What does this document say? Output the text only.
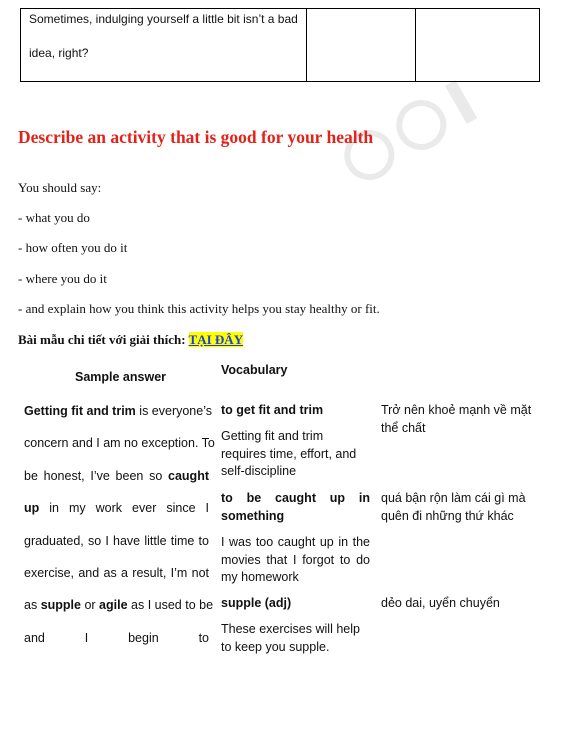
Sometimes, indulging yourself a little bit isn’t a bad
idea, right?
Describe an activity that is good for your health
You should say:
- what you do
- how often you do it
- where you do it
- and explain how you think this activity helps you stay healthy or fit.
Bài mẫu chi tiết với giải thích: TẠI ĐÂY
Sample answer	Vocabulary
Getting fit and trim is everyone’s
concern and I am no exception. To
be honest, I’ve been so caught
up in my work ever since I
graduated, so I have little time to
exercise, and as a result, I’m not
as supple or agile as I used to be
and I begin to
to get fit and trim
Getting fit and trim requires time, effort, and self-discipline
Trở nên khoẻ mạnh về mặt thể chất
to be caught up in something
I was too caught up in the movies that I forgot to do my homework
quá bận rộn làm cái gì mà quên đi những thứ khác
supple (adj)
These exercises will help to keep you supple.
dẻo dai, uyển chuyển
